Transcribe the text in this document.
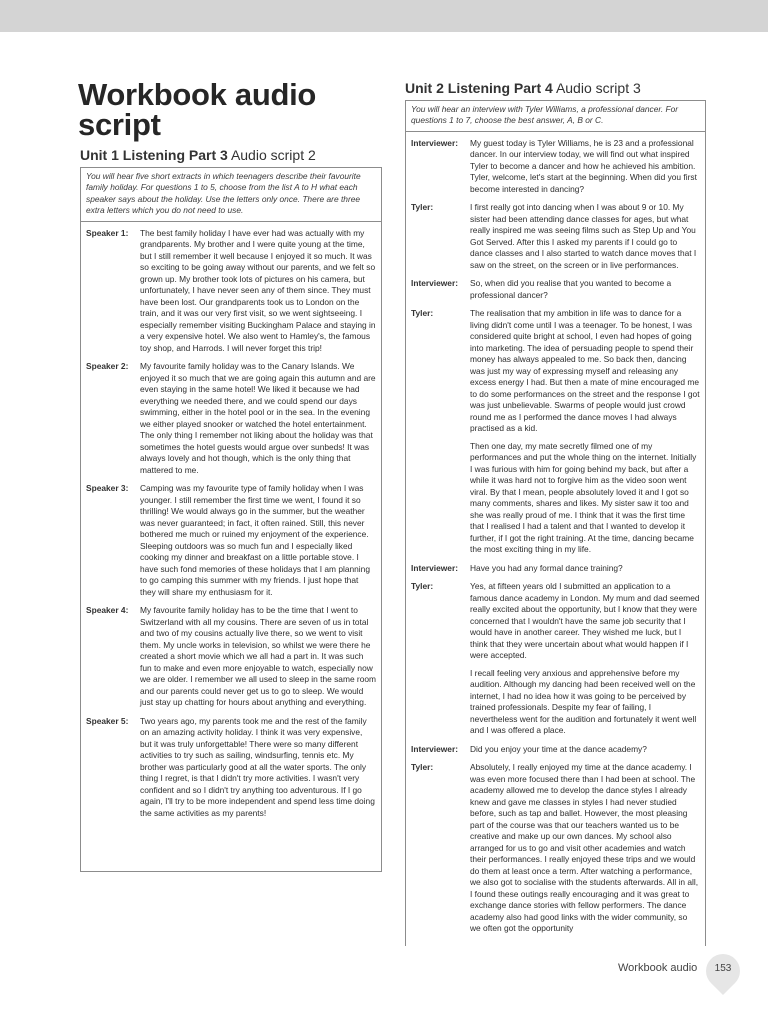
Workbook audio script
Unit 1 Listening Part 3 Audio script 2
You will hear five short extracts in which teenagers describe their favourite family holiday. For questions 1 to 5, choose from the list A to H what each speaker says about the holiday. Use the letters only once. There are three extra letters which you do not need to use.
Speaker 1:	The best family holiday I have ever had was actually with my grandparents. My brother and I were quite young at the time, but I still remember it well because I enjoyed it so much. It was so exciting to be going away without our parents, and we felt so grown up. My brother took lots of pictures on his camera, but unfortunately, I have never seen any of them since. They must have been lost. Our grandparents took us to London on the train, and it was our very first visit, so we went sightseeing. I especially remember visiting Buckingham Palace and staying in a very expensive hotel. We also went to Hamley's, the famous toy shop, and Harrods. I will never forget this trip!
Speaker 2:	My favourite family holiday was to the Canary Islands. We enjoyed it so much that we are going again this autumn and are even staying in the same hotel! We liked it because we had everything we needed there, and we could spend our days swimming, either in the hotel pool or in the sea. In the evening we either played snooker or watched the hotel entertainment. The only thing I remember not liking about the holiday was that sometimes the hotel guests would argue over sunbeds! It was always lovely and hot though, which is the only thing that mattered to me.
Speaker 3:	Camping was my favourite type of family holiday when I was younger. I still remember the first time we went, I found it so thrilling! We would always go in the summer, but the weather was never guaranteed; in fact, it often rained. Still, this never bothered me much or ruined my enjoyment of the experience. Sleeping outdoors was so much fun and I especially liked cooking my dinner and breakfast on a little portable stove. I have such fond memories of these holidays that I am planning to go camping this summer with my friends. I just hope that they will share my enthusiasm for it.
Speaker 4:	My favourite family holiday has to be the time that I went to Switzerland with all my cousins. There are seven of us in total and two of my cousins actually live there, so we went to visit them. My uncle works in television, so whilst we were there he created a short movie which we all had a part in. It was such fun to make and even more enjoyable to watch, especially now we are older. I remember we all used to sleep in the same room and our parents could never get us to go to sleep. We would just stay up chatting for hours about anything and everything.
Speaker 5:	Two years ago, my parents took me and the rest of the family on an amazing activity holiday. I think it was very expensive, but it was truly unforgettable! There were so many different activities to try such as sailing, windsurfing, tennis etc. My brother was particularly good at all the water sports. The only thing I regret, is that I didn't try more activities. I wasn't very confident and so I didn't try anything too adventurous. If I go again, I'll try to be more independent and spend less time doing the same activities as my parents!
Unit 2 Listening Part 4 Audio script 3
You will hear an interview with Tyler Williams, a professional dancer. For questions 1 to 7, choose the best answer, A, B or C.
Interviewer:	My guest today is Tyler Williams, he is 23 and a professional dancer. In our interview today, we will find out what inspired Tyler to become a dancer and how he achieved his ambition. Tyler, welcome, let's start at the beginning. When did you first become interested in dancing?
Tyler:	I first really got into dancing when I was about 9 or 10. My sister had been attending dance classes for ages, but what really inspired me was seeing films such as Step Up and You Got Served. After this I asked my parents if I could go to dance classes and I also started to watch dance moves that I saw on the street, on the screen or in live performances.
Interviewer:	So, when did you realise that you wanted to become a professional dancer?
Tyler:	The realisation that my ambition in life was to dance for a living didn't come until I was a teenager. To be honest, I was considered quite bright at school, I even had hopes of going into marketing. The idea of persuading people to spend their money has always appealed to me. So back then, dancing was just my way of expressing myself and releasing any excess energy I had. But then a mate of mine encouraged me to do some performances on the street and the response I got was just unbelievable. Swarms of people would just crowd round me as I performed the dance moves I had always practised as a kid.
Then one day, my mate secretly filmed one of my performances and put the whole thing on the internet. Initially I was furious with him for going behind my back, but after a while it was hard not to forgive him as the video soon went viral. By that I mean, people absolutely loved it and I got so many comments, shares and likes. My sister saw it too and she was really proud of me. I think that it was the first time that I realised I had a talent and that I wanted to develop it further, if I got the right training. At the time, dancing became the most exciting thing in my life.
Interviewer:	Have you had any formal dance training?
Tyler:	Yes, at fifteen years old I submitted an application to a famous dance academy in London. My mum and dad seemed really excited about the opportunity, but I know that they were concerned that I wouldn't have the same job security that I would have in another career. They wished me luck, but I think that they were uncertain about what would happen if I were accepted.
I recall feeling very anxious and apprehensive before my audition. Although my dancing had been received well on the internet, I had no idea how it was going to be perceived by trained professionals. Despite my fear of failing, I nevertheless went for the audition and fortunately it went well and I was offered a place.
Interviewer:	Did you enjoy your time at the dance academy?
Tyler:	Absolutely, I really enjoyed my time at the dance academy. I was even more focused there than I had been at school. The academy allowed me to develop the dance styles I already knew and gave me classes in styles I had never studied before, such as tap and ballet. However, the most pleasing part of the course was that our teachers wanted us to be creative and make up our own dances. My school also arranged for us to go and visit other academies and watch their performances. I really enjoyed these trips and we would do them at least once a term. After watching a performance, we also got to socialise with the students afterwards. All in all, I found these outings really encouraging and it was great to exchange dance stories with fellow performers. The dance academy also had good links with the wider community, so we often got the opportunity
Workbook audio	153
